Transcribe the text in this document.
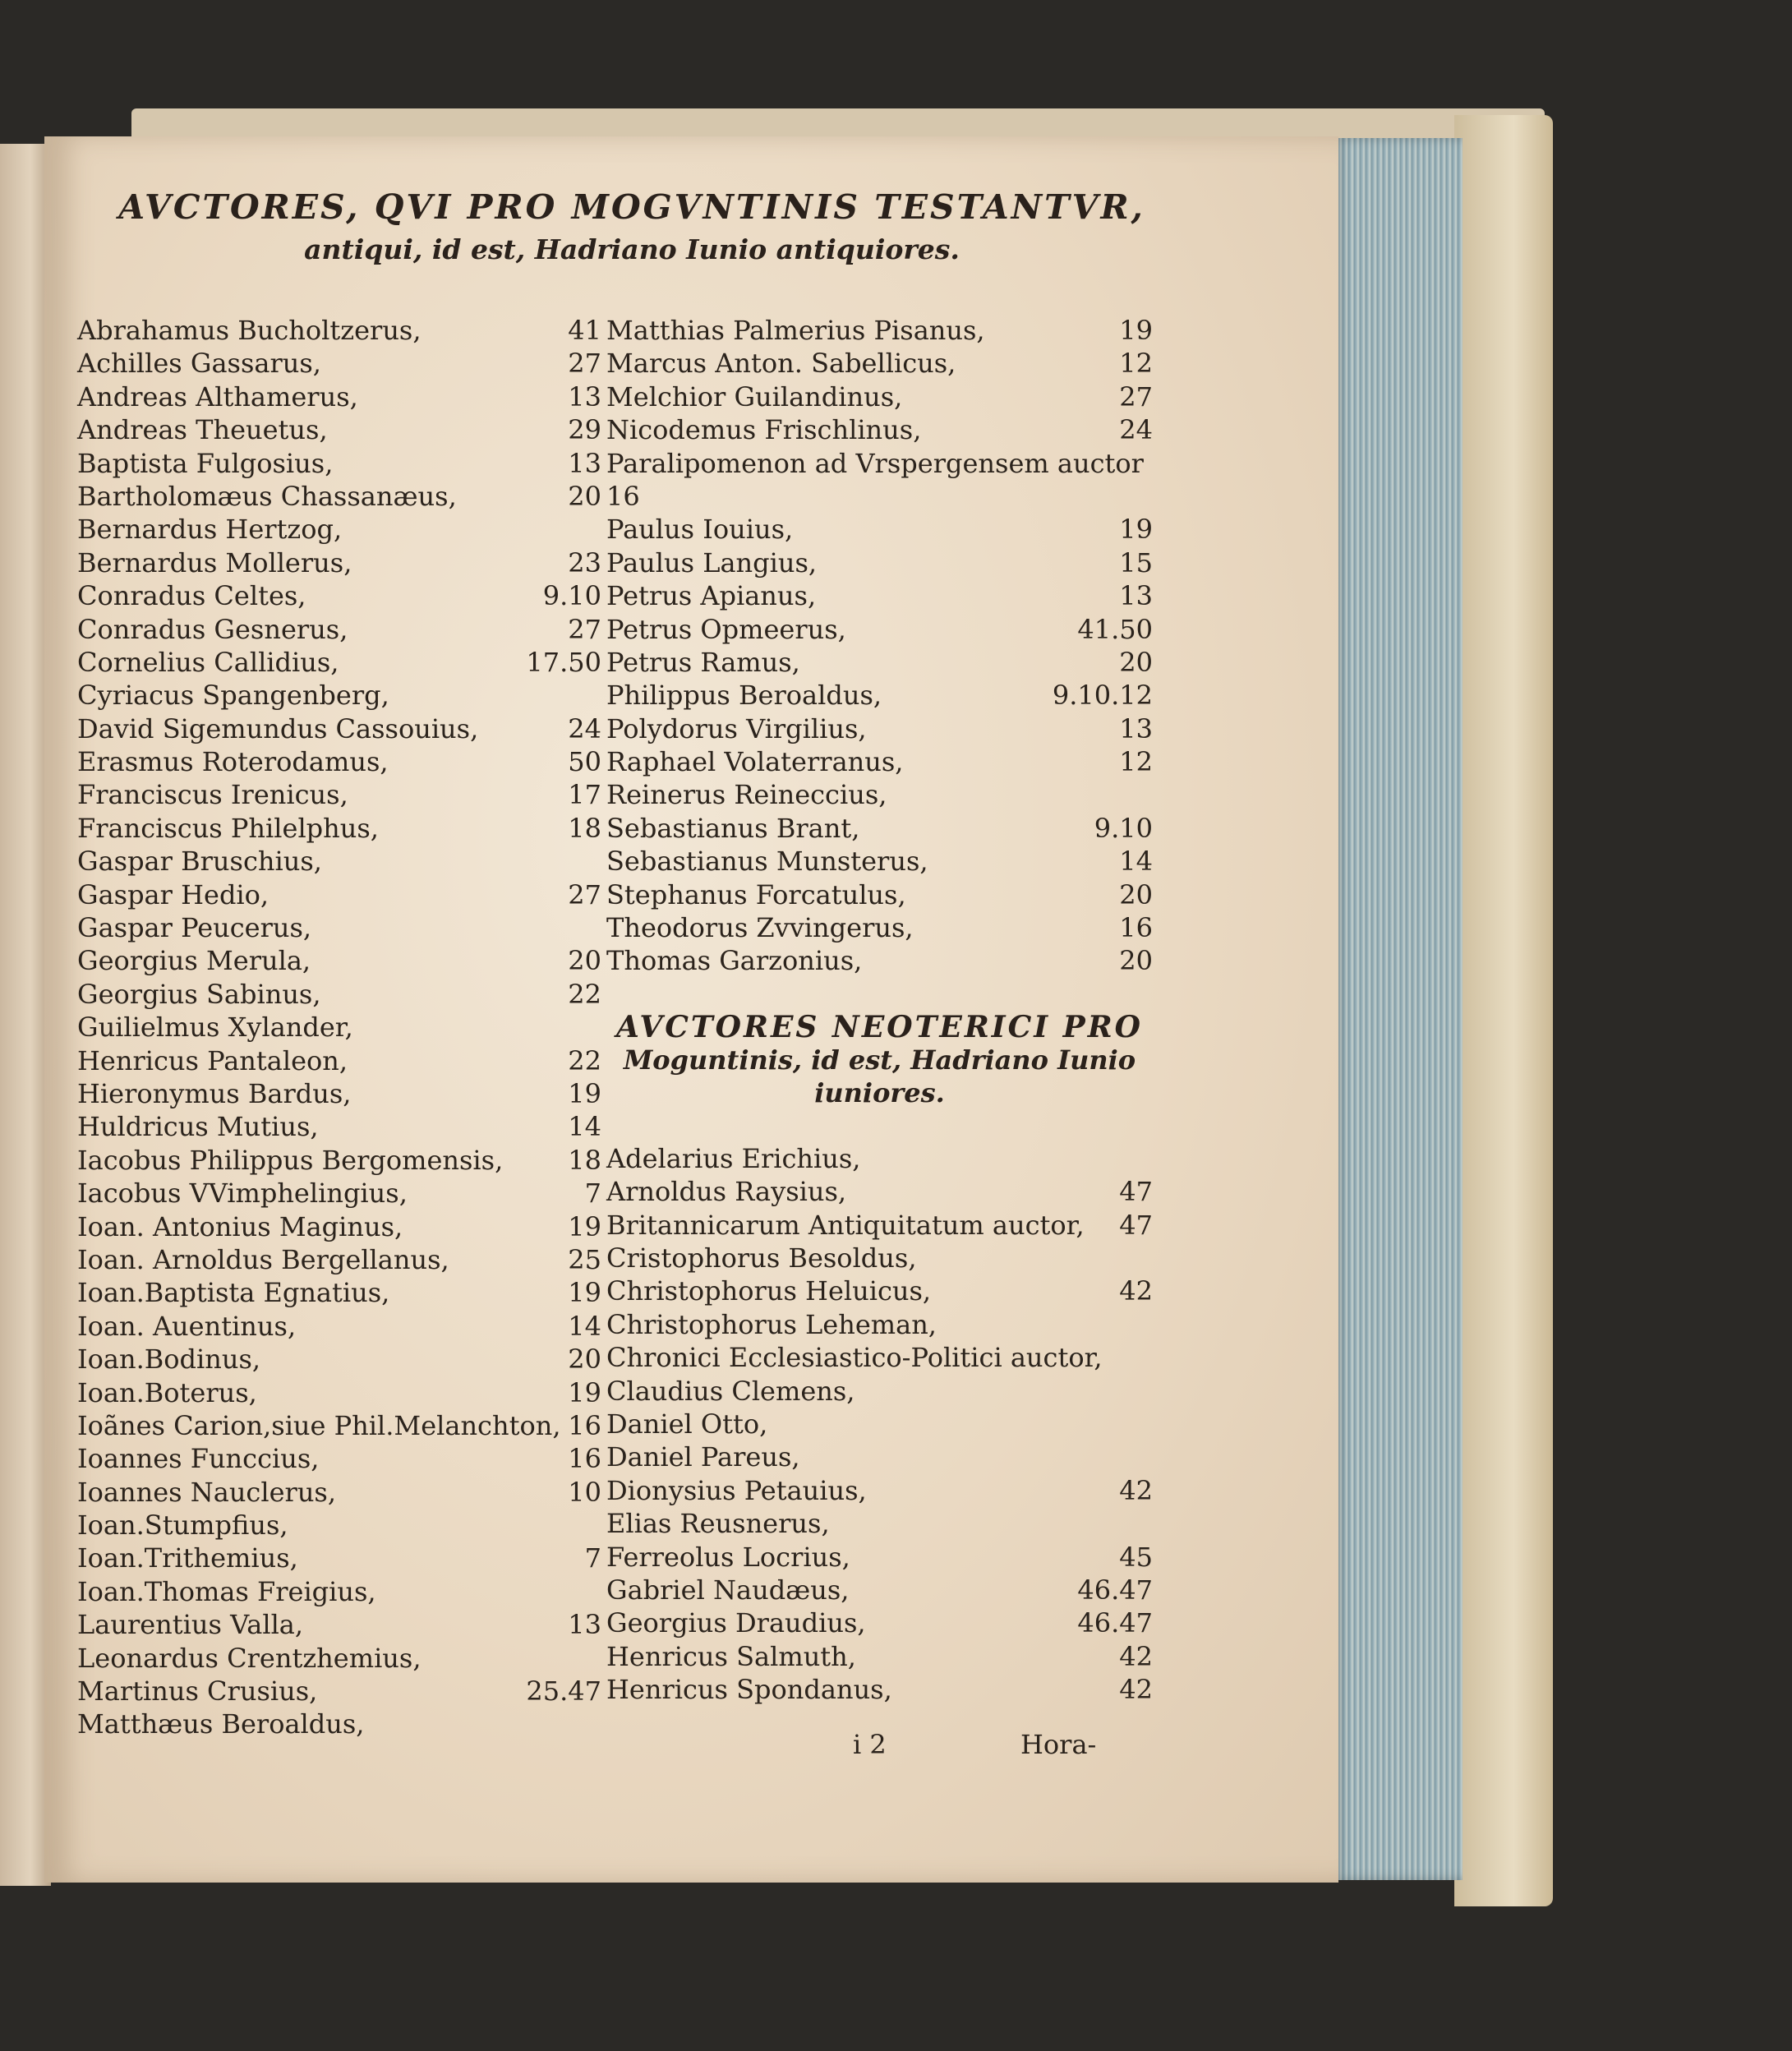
AVCTORES, QVI PRO MOGVNTINIS TESTANTVR,
antiqui, id est, Hadriano Iunio antiquiores.
Abrahamus Bucholtzerus,	41
Achilles Gassarus,	27
Andreas Althamerus,	13
Andreas Theuetus,	29
Baptista Fulgosius,	13
Bartholomæus Chassanæus,	20
Bernardus Hertzog,
Bernardus Mollerus,	23
Conradus Celtes,	9.10
Conradus Gesnerus,	27
Cornelius Callidius,	17.50
Cyriacus Spangenberg,
David Sigemundus Cassouius,	24
Erasmus Roterodamus,	50
Franciscus Irenicus,	17
Franciscus Philelphus,	18
Gaspar Bruschius,
Gaspar Hedio,	27
Gaspar Peucerus,
Georgius Merula,	20
Georgius Sabinus,	22
Guilielmus Xylander,
Henricus Pantaleon,	22
Hieronymus Bardus,	19
Huldricus Mutius,	14
Iacobus Philippus Bergomensis, 18
Iacobus VVimphelingius,	7
Ioan. Antonius Maginus,	19
Ioan. Arnoldus Bergellanus,	25
Ioan.Baptista Egnatius,	19
Ioan. Auentinus,	14
Ioan.Bodinus,	20
Ioan.Boterus,	19
Ioãnes Carion,siue Phil.Melanchton, 16
Ioannes Funccius,	16
Ioannes Nauclerus,	10
Ioan.Stumpfius,
Ioan.Trithemius,	7
Ioan.Thomas Freigius,
Laurentius Valla,	13
Leonardus Crentzhemius,
Martinus Crusius,	25.47
Matthæus Beroaldus,
Matthias Palmerius Pisanus,	19
Marcus Anton. Sabellicus,	12
Melchior Guilandinus,	27
Nicodemus Frischlinus,	24
Paralipomenon ad Vrspergensem auctor
16
Paulus Iouius,	19
Paulus Langius,	15
Petrus Apianus,	13
Petrus Opmeerus,	41.50
Petrus Ramus,	20
Philippus Beroaldus,	9.10.12
Polydorus Virgilius,	13
Raphael Volaterranus,	12
Reinerus Reineccius,
Sebastianus Brant,	9.10
Sebastianus Munsterus,	14
Stephanus Forcatulus,	20
Theodorus Zvvingerus,	16
Thomas Garzonius,	20
AVCTORES NEOTERICI PRO
Moguntinis, id est, Hadriano Iunio
iuniores.
Adelarius Erichius,
Arnoldus Raysius,	47
Britannicarum Antiquitatum auctor, 47
Cristophorus Besoldus,
Christophorus Heluicus,	42
Christophorus Leheman,
Chronici Ecclesiastico-Politici auctor,
Claudius Clemens,
Daniel Otto,
Daniel Pareus,
Dionysius Petauius,	42
Elias Reusnerus,
Ferreolus Locrius,	45
Gabriel Naudæus,	46.47
Georgius Draudius,	46.47
Henricus Salmuth,	42
Henricus Spondanus,	42
i 2	Hora-
